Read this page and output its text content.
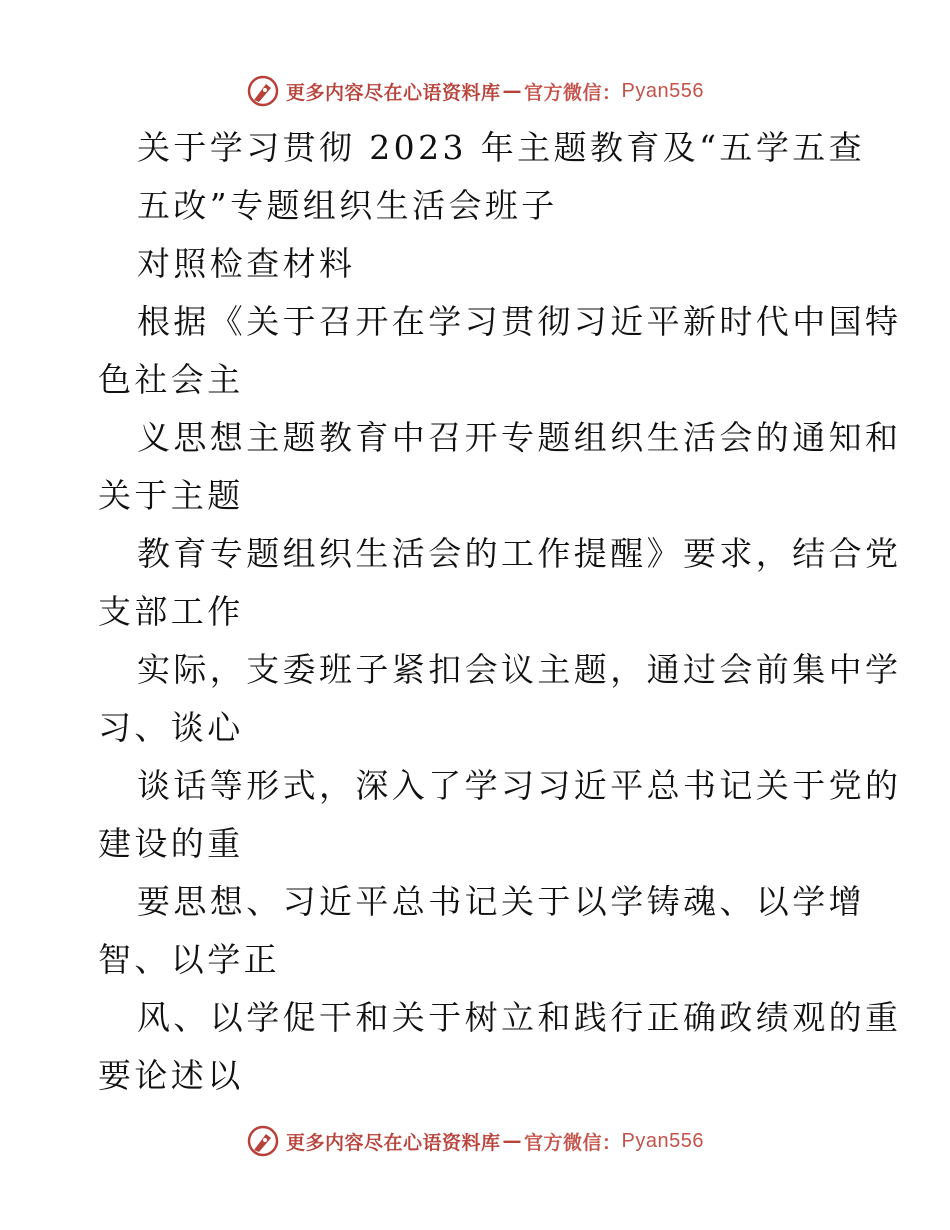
更多内容尽在心语资料库 — 官方微信： Pyan556
关于学习贯彻 2023 年主题教育及“五学五查
五改”专题组织生活会班子
对照检查材料
根据《关于召开在学习贯彻习近平新时代中国特
色社会主
义思想主题教育中召开专题组织生活会的通知和
关于主题
教育专题组织生活会的工作提醒》要求，结合党
支部工作
实际，支委班子紧扣会议主题，通过会前集中学
习、谈心
谈话等形式，深入了学习习近平总书记关于党的
建设的重
要思想、习近平总书记关于以学铸魂、以学增
智、以学正
风、以学促干和关于树立和践行正确政绩观的重
要论述以
更多内容尽在心语资料库 — 官方微信： Pyan556
